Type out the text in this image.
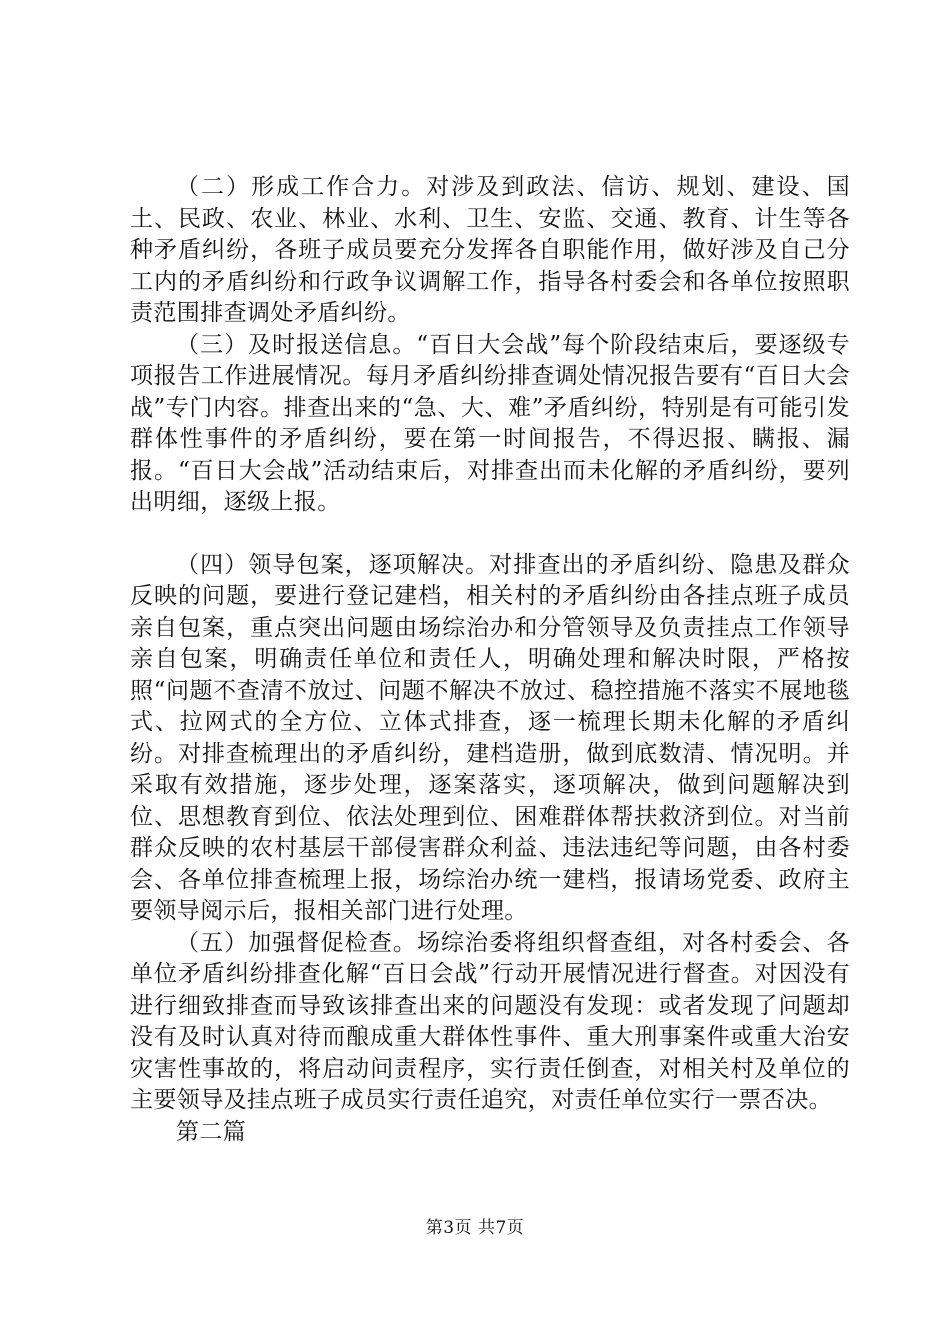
（二）形成工作合力。对涉及到政法、信访、规划、建设、国土、民政、农业、林业、水利、卫生、安监、交通、教育、计生等各种矛盾纠纷，各班子成员要充分发挥各自职能作用，做好涉及自己分工内的矛盾纠纷和行政争议调解工作，指导各村委会和各单位按照职责范围排查调处矛盾纠纷。

（三）及时报送信息。“百日大会战”每个阶段结束后，要逐级专项报告工作进展情况。每月矛盾纠纷排查调处情况报告要有“百日大会战”专门内容。排查出来的“急、大、难”矛盾纠纷，特别是有可能引发群体性事件的矛盾纠纷，要在第一时间报告，不得迟报、瞒报、漏报。“百日大会战”活动结束后，对排查出而未化解的矛盾纠纷，要列出明细，逐级上报。

（四）领导包案，逐项解决。对排查出的矛盾纠纷、隐患及群众反映的问题，要进行登记建档，相关村的矛盾纠纷由各挂点班子成员亲自包案，重点突出问题由场综治办和分管领导及负责挂点工作领导亲自包案，明确责任单位和责任人，明确处理和解决时限，严格按照“问题不查清不放过、问题不解决不放过、稳控措施不落实不展地毯式、拉网式的全方位、立体式排查，逐一梳理长期未化解的矛盾纠纷。对排查梳理出的矛盾纠纷，建档造册，做到底数清、情况明。并采取有效措施，逐步处理，逐案落实，逐项解决，做到问题解决到位、思想教育到位、依法处理到位、困难群体帮扶救济到位。对当前群众反映的农村基层干部侵害群众利益、违法违纪等问题，由各村委会、各单位排查梳理上报，场综治办统一建档，报请场党委、政府主要领导阅示后，报相关部门进行处理。

（五）加强督促检查。场综治委将组织督查组，对各村委会、各单位矛盾纠纷排查化解“百日会战”行动开展情况进行督查。对因没有进行细致排查而导致该排查出来的问题没有发现：或者发现了问题却没有及时认真对待而酿成重大群体性事件、重大刑事案件或重大治安灾害性事故的，将启动问责程序，实行责任倒查，对相关村及单位的主要领导及挂点班子成员实行责任追究，对责任单位实行一票否决。

第二篇

第3页 共7页
